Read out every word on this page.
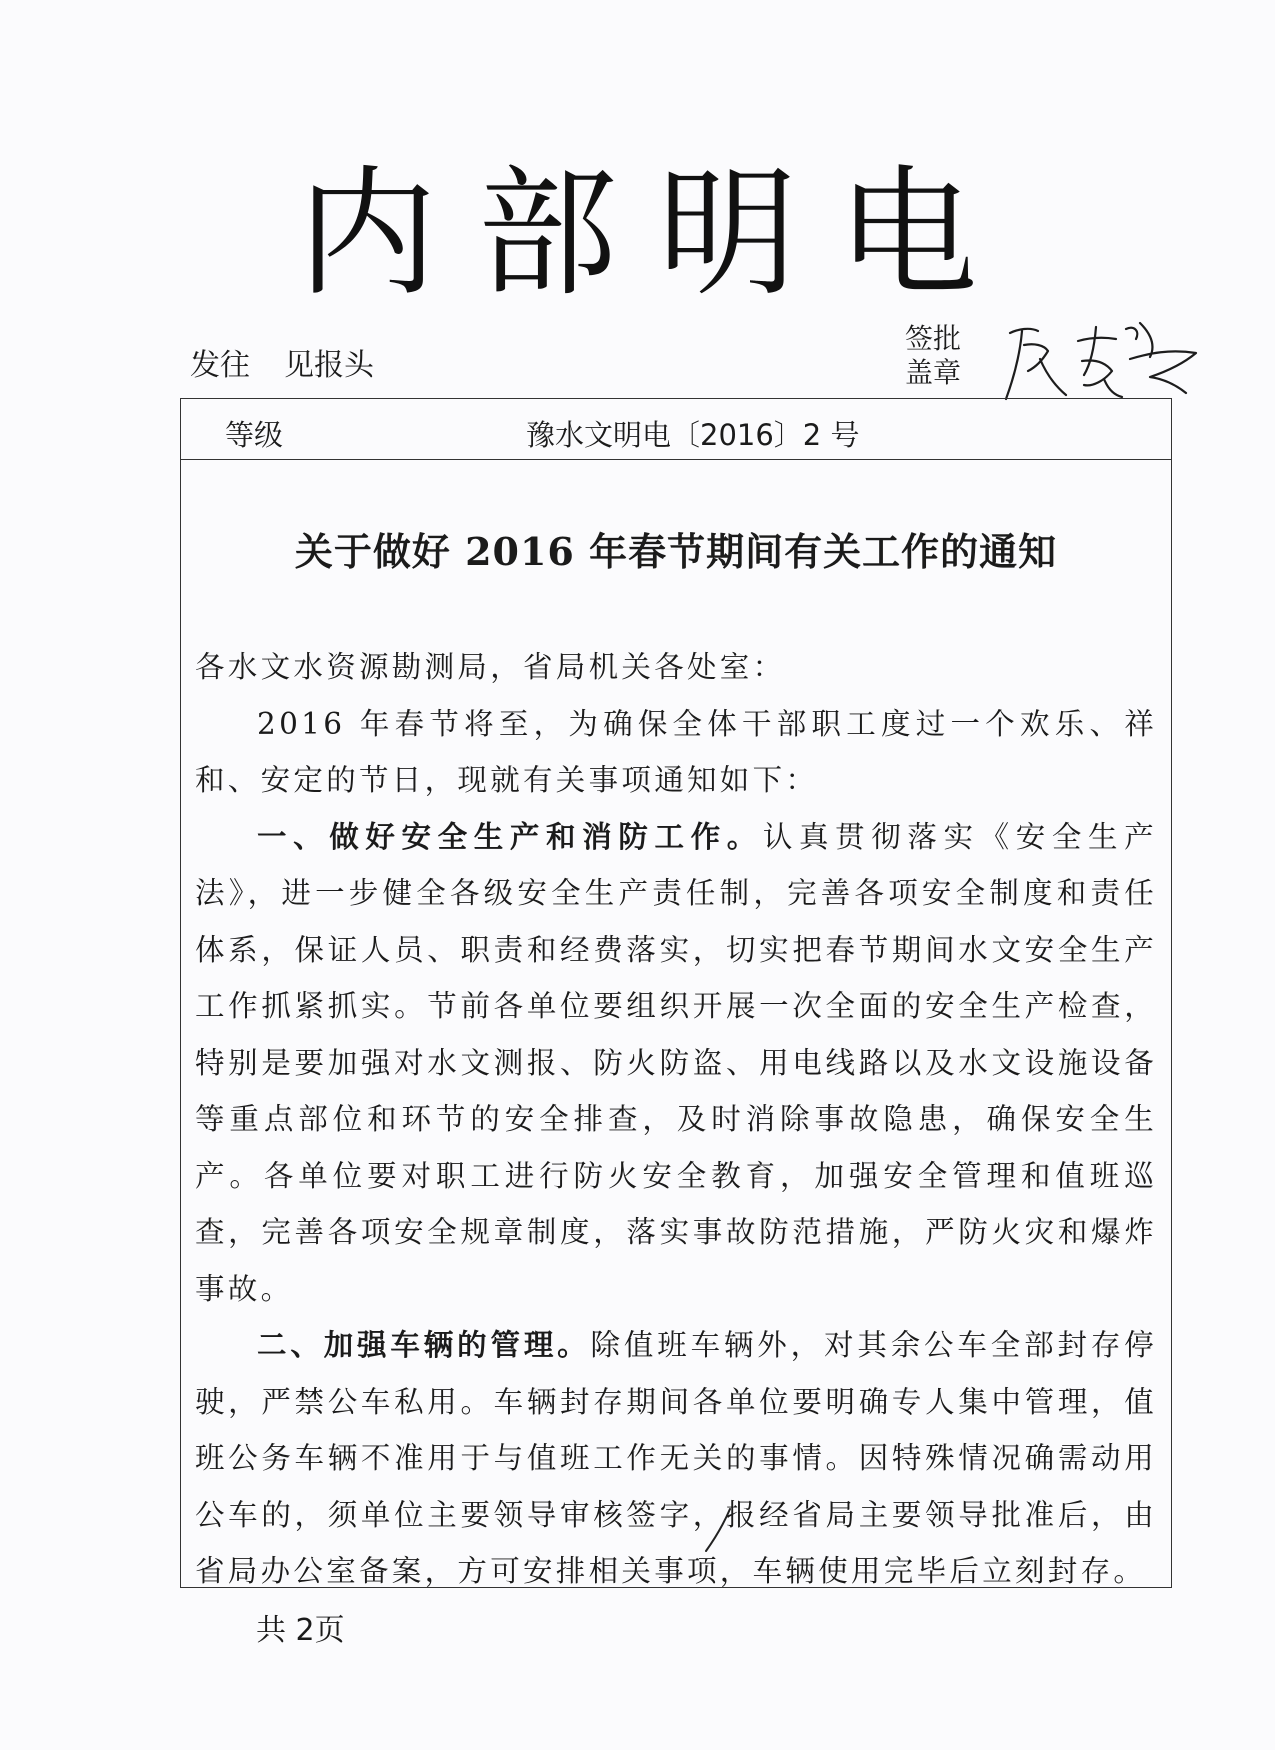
内部明电
发往 见报头
签批
盖章
等级	豫水文明电〔2016〕2 号
关于做好 2016 年春节期间有关工作的通知

各水文水资源勘测局，省局机关各处室：

2016 年春节将至，为确保全体干部职工度过一个欢乐、祥和、安定的节日，现就有关事项通知如下：

一、做好安全生产和消防工作。认真贯彻落实《安全生产法》，进一步健全各级安全生产责任制，完善各项安全制度和责任体系，保证人员、职责和经费落实，切实把春节期间水文安全生产工作抓紧抓实。节前各单位要组织开展一次全面的安全生产检查，特别是要加强对水文测报、防火防盗、用电线路以及水文设施设备等重点部位和环节的安全排查，及时消除事故隐患，确保安全生产。各单位要对职工进行防火安全教育，加强安全管理和值班巡查，完善各项安全规章制度，落实事故防范措施，严防火灾和爆炸事故。

二、加强车辆的管理。除值班车辆外，对其余公车全部封存停驶，严禁公车私用。车辆封存期间各单位要明确专人集中管理，值班公务车辆不准用于与值班工作无关的事情。因特殊情况确需动用公车的，须单位主要领导审核签字，报经省局主要领导批准后，由省局办公室备案，方可安排相关事项，车辆使用完毕后立刻封存。

共 2页
